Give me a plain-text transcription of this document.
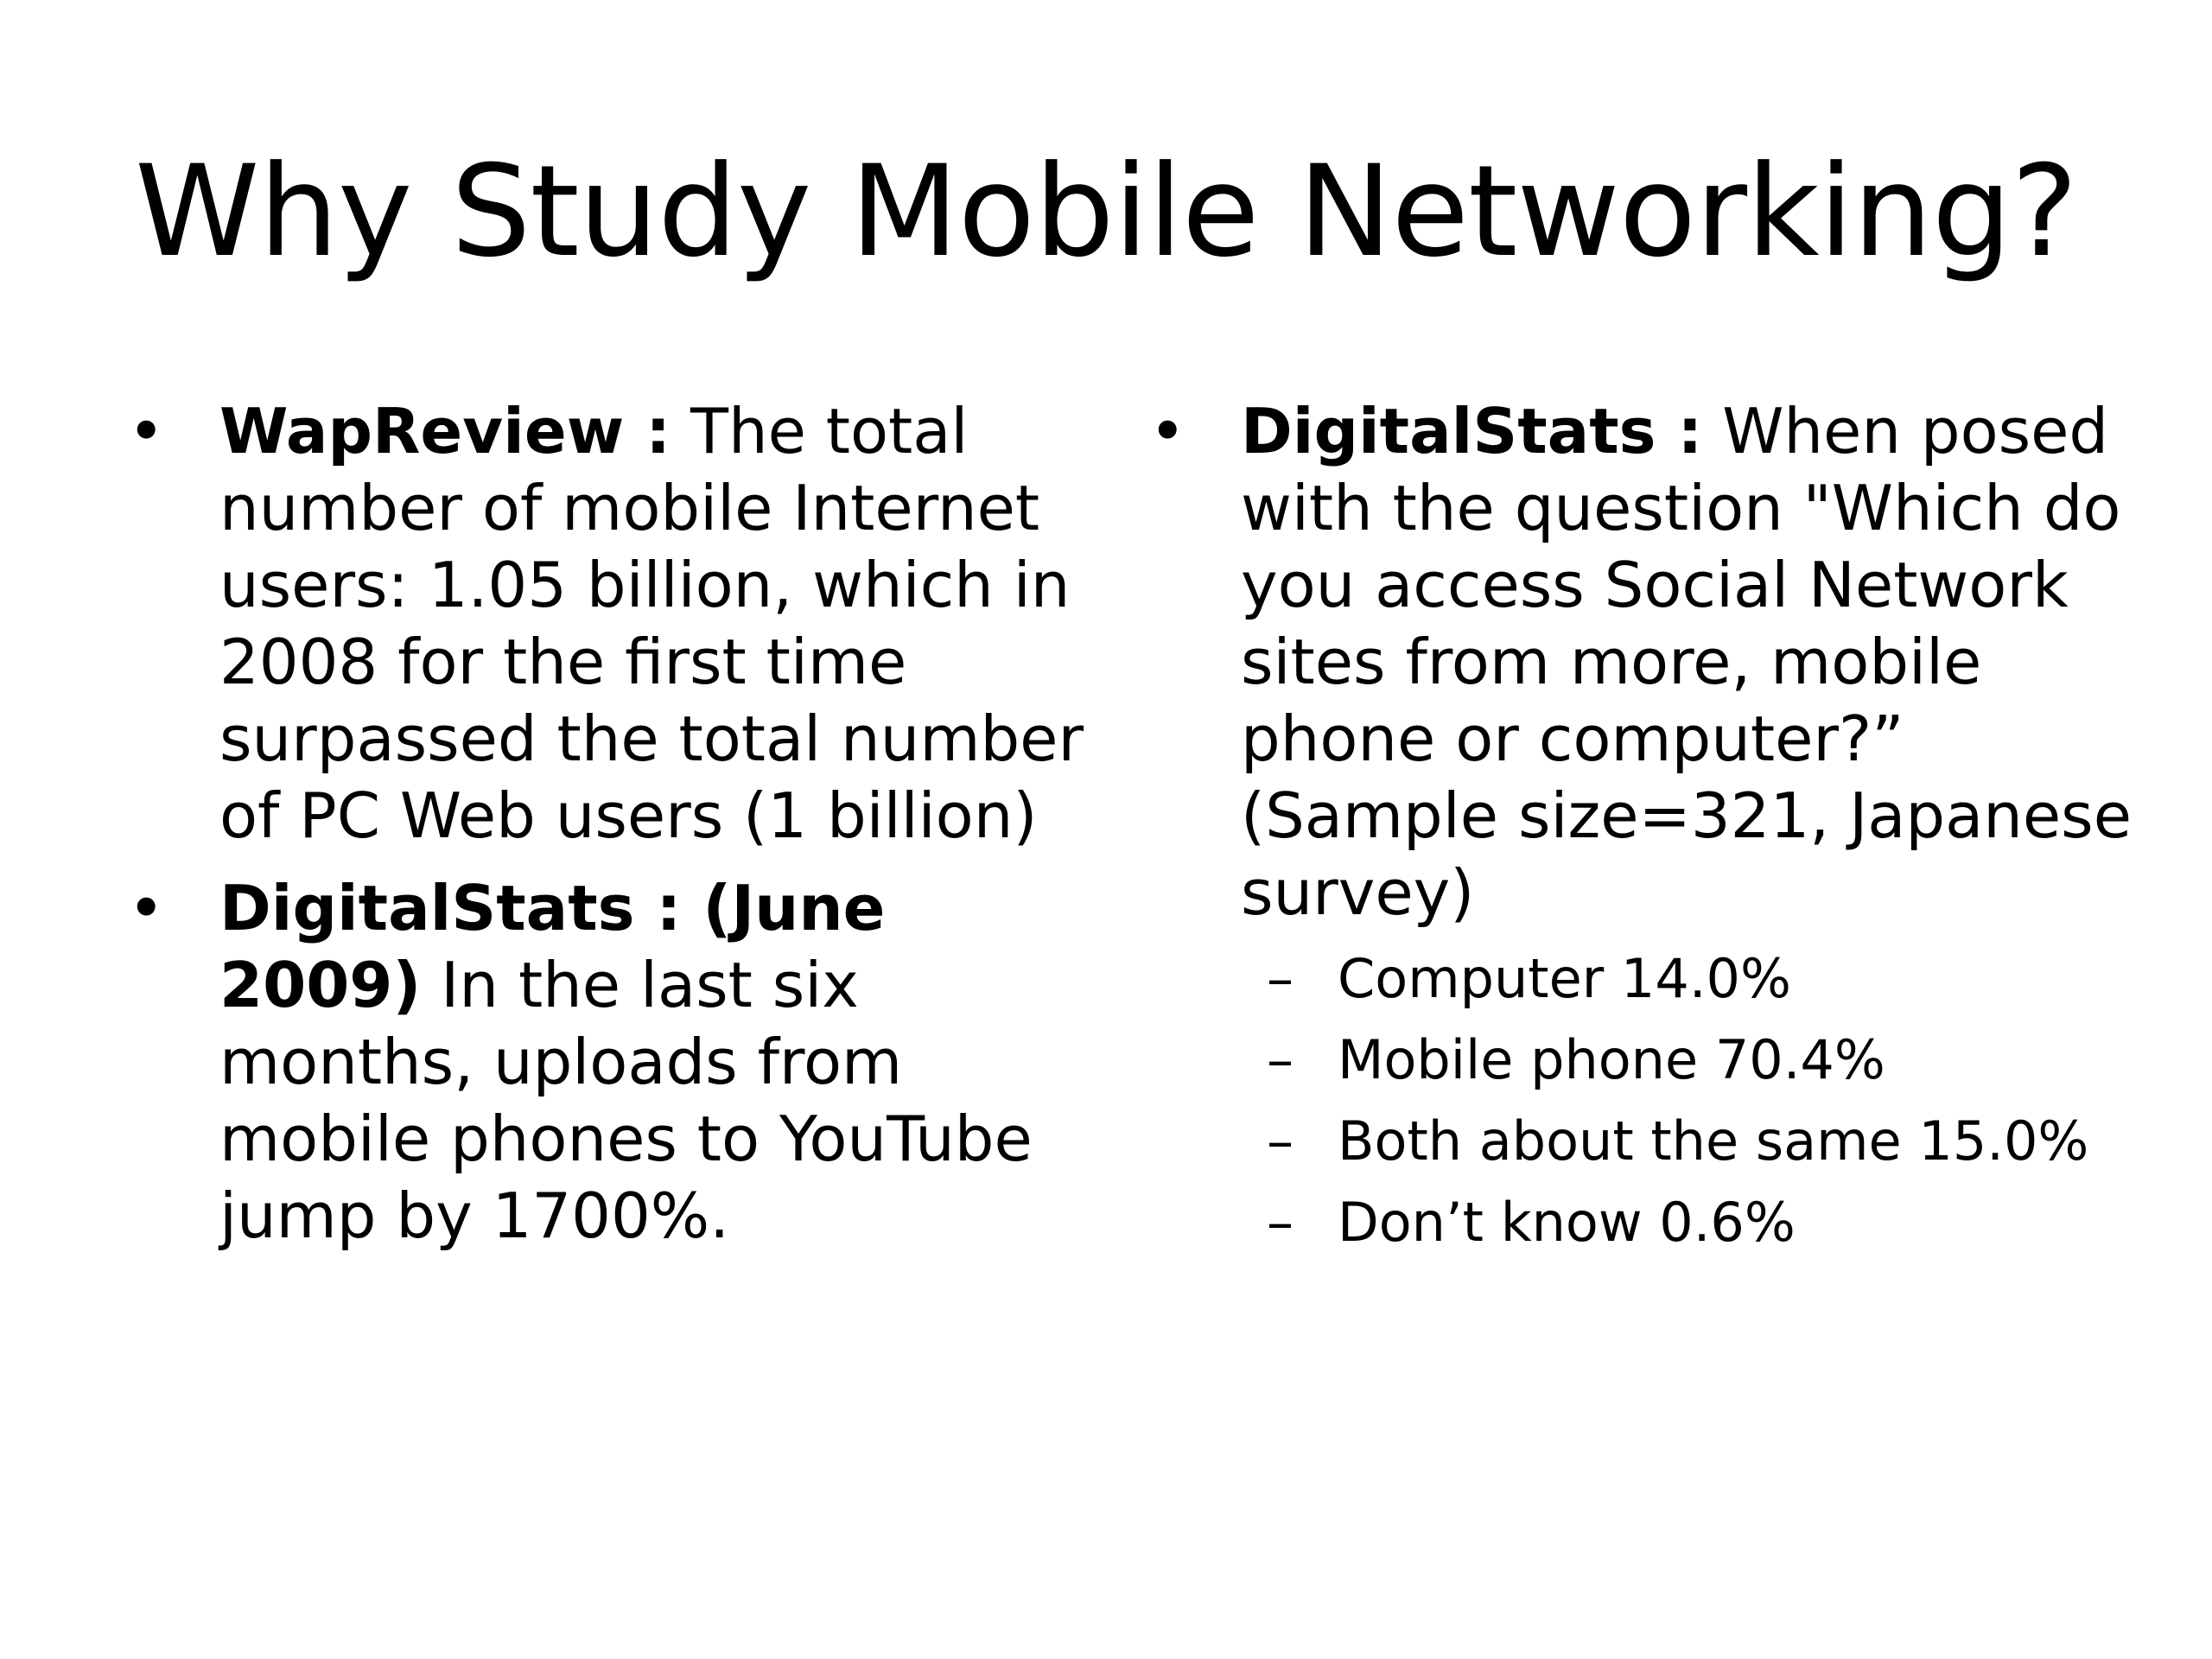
Why Study Mobile Networking?
• WapReview : The total number of mobile Internet users: 1.05 billion, which in 2008 for the first time surpassed the total number of PC Web users (1 billion)
• DigitalStats : (June 2009) In the last six months, uploads from mobile phones to YouTube jump by 1700%.
• DigitalStats : When posed with the question "Which do you access Social Network sites from more, mobile phone or computer?” (Sample size=321, Japanese survey)
– Computer 14.0%
– Mobile phone 70.4%
– Both about the same 15.0%
– Don’t know 0.6%
